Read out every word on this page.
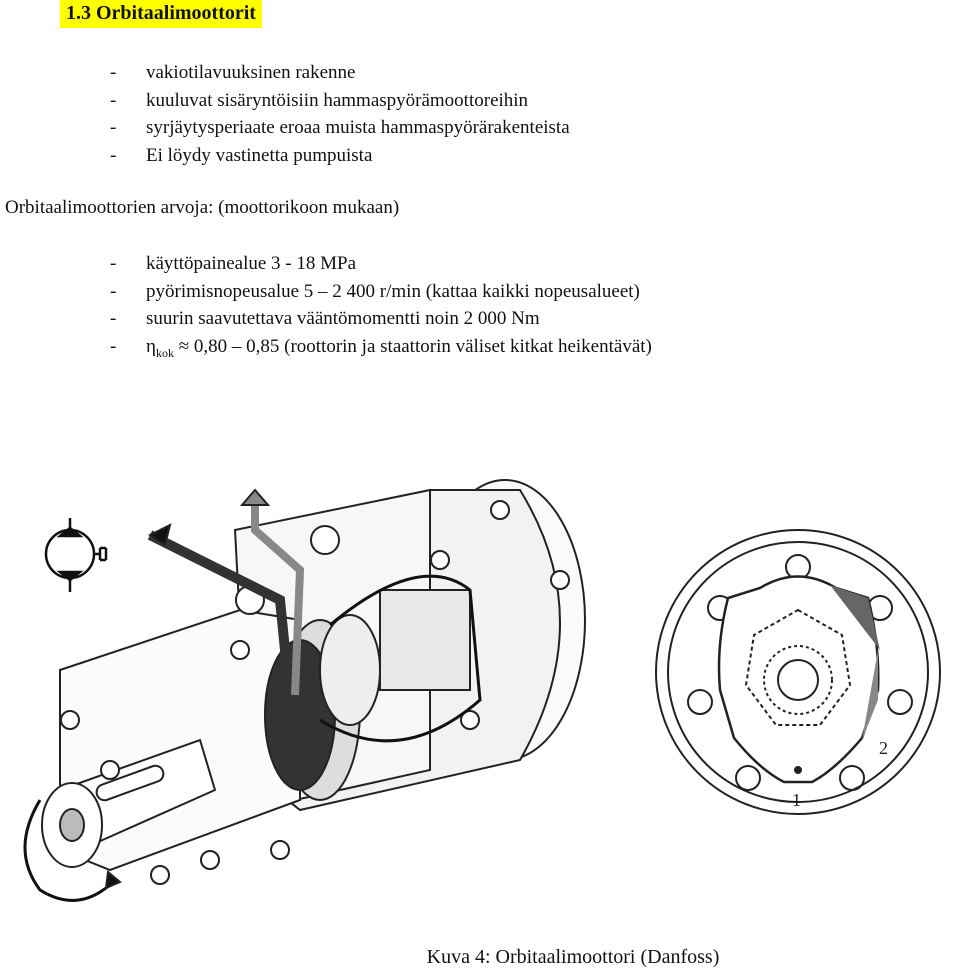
1.3 Orbitaalimoottorit
- vakiotilavuuksinen rakenne
- kuuluvat sisäryntöisiin hammaspyörämoottoreihin
- syrjäytysperiaate eroaa muista hammaspyörärakenteista
- Ei löydy vastinetta pumpuista
Orbitaalimoottorien arvoja: (moottorikoon mukaan)
- käyttöpainealue 3 - 18 MPa
- pyörimisnopeusalue 5 – 2 400 r/min (kattaa kaikki nopeusalueet)
- suurin saavutettava vääntömomentti noin 2 000 Nm
- $\eta_{kok} \approx 0,80 - 0,85$ (roottorin ja staattorin väliset kitkat heikentävät)
1
2
Kuva 4: Orbitaalimoottori (Danfoss)
